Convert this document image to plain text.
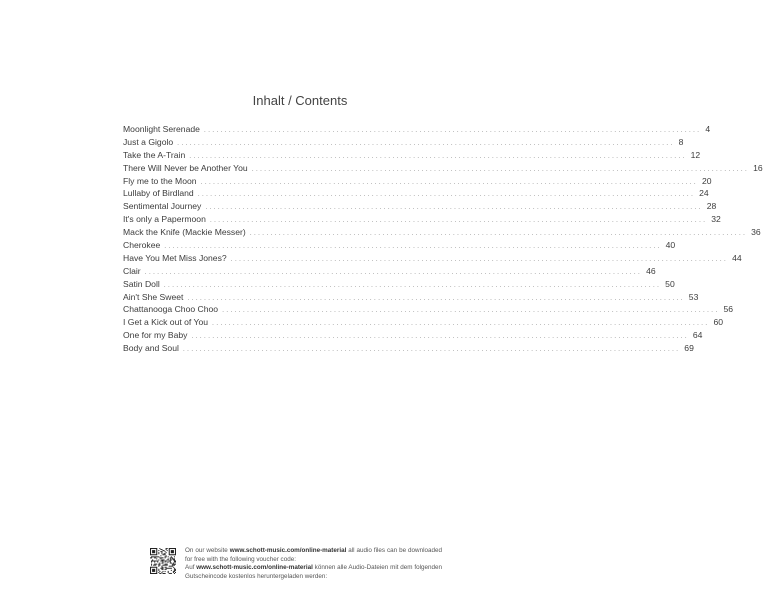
Inhalt / Contents
Moonlight Serenade ........................................................................................................................ 4
Just a Gigolo ........................................................................................................................ 8
Take the A-Train ........................................................................................................................ 12
There Will Never be Another You ........................................................................................................................ 16
Fly me to the Moon ........................................................................................................................ 20
Lullaby of Birdland ........................................................................................................................ 24
Sentimental Journey ........................................................................................................................ 28
It's only a Papermoon ........................................................................................................................ 32
Mack the Knife (Mackie Messer) ........................................................................................................................ 36
Cherokee ........................................................................................................................ 40
Have You Met Miss Jones? ........................................................................................................................ 44
Clair ........................................................................................................................ 46
Satin Doll ........................................................................................................................ 50
Ain't She Sweet ........................................................................................................................ 53
Chattanooga Choo Choo ........................................................................................................................ 56
I Get a Kick out of You ........................................................................................................................ 60
One for my Baby ........................................................................................................................ 64
Body and Soul ........................................................................................................................ 69
On our website www.schott-music.com/online-material all audio files can be downloaded for free with the following voucher code:
Auf www.schott-music.com/online-material können alle Audio-Dateien mit dem folgenden Gutscheincode kostenlos heruntergeladen werden:
